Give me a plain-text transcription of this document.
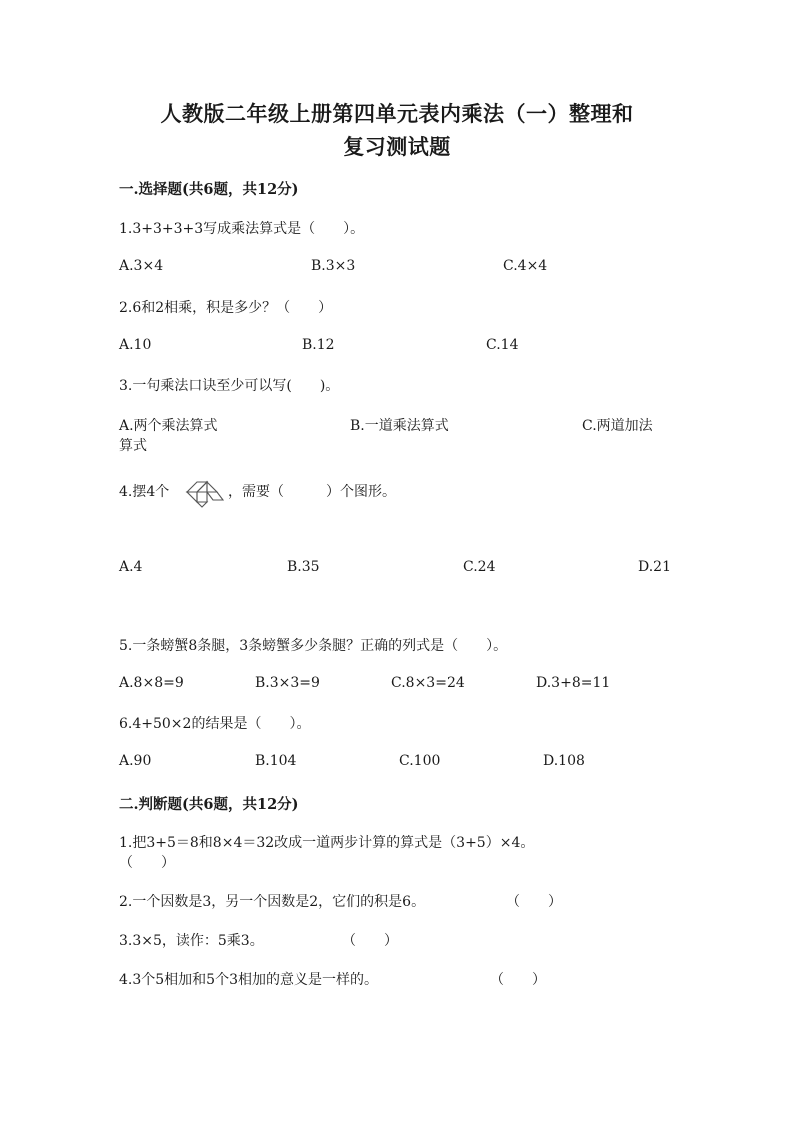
人教版二年级上册第四单元表内乘法（一）整理和
复习测试题
一.选择题(共6题，共12分)
1.3+3+3+3写成乘法算式是（　　）。
A.3×4	B.3×3	C.4×4
2.6和2相乘，积是多少？（　　）
A.10	B.12	C.14
3.一句乘法口诀至少可以写(　　)。
A.两个乘法算式	B.一道乘法算式	C.两道加法
算式
4.摆4个	，需要（　　　）个图形。
A.4	B.35	C.24	D.21
5.一条螃蟹8条腿，3条螃蟹多少条腿？正确的列式是（　　）。
A.8×8=9	B.3×3=9	C.8×3=24	D.3+8=11
6.4+50×2的结果是（　　）。
A.90	B.104	C.100	D.108
二.判断题(共6题，共12分)
1.把3+5＝8和8×4＝32改成一道两步计算的算式是（3+5）×4。
（　　）
2.一个因数是3，另一个因数是2，它们的积是6。	（　　）
3.3×5，读作：5乘3。	（　　）
4.3个5相加和5个3相加的意义是一样的。	（　　）
